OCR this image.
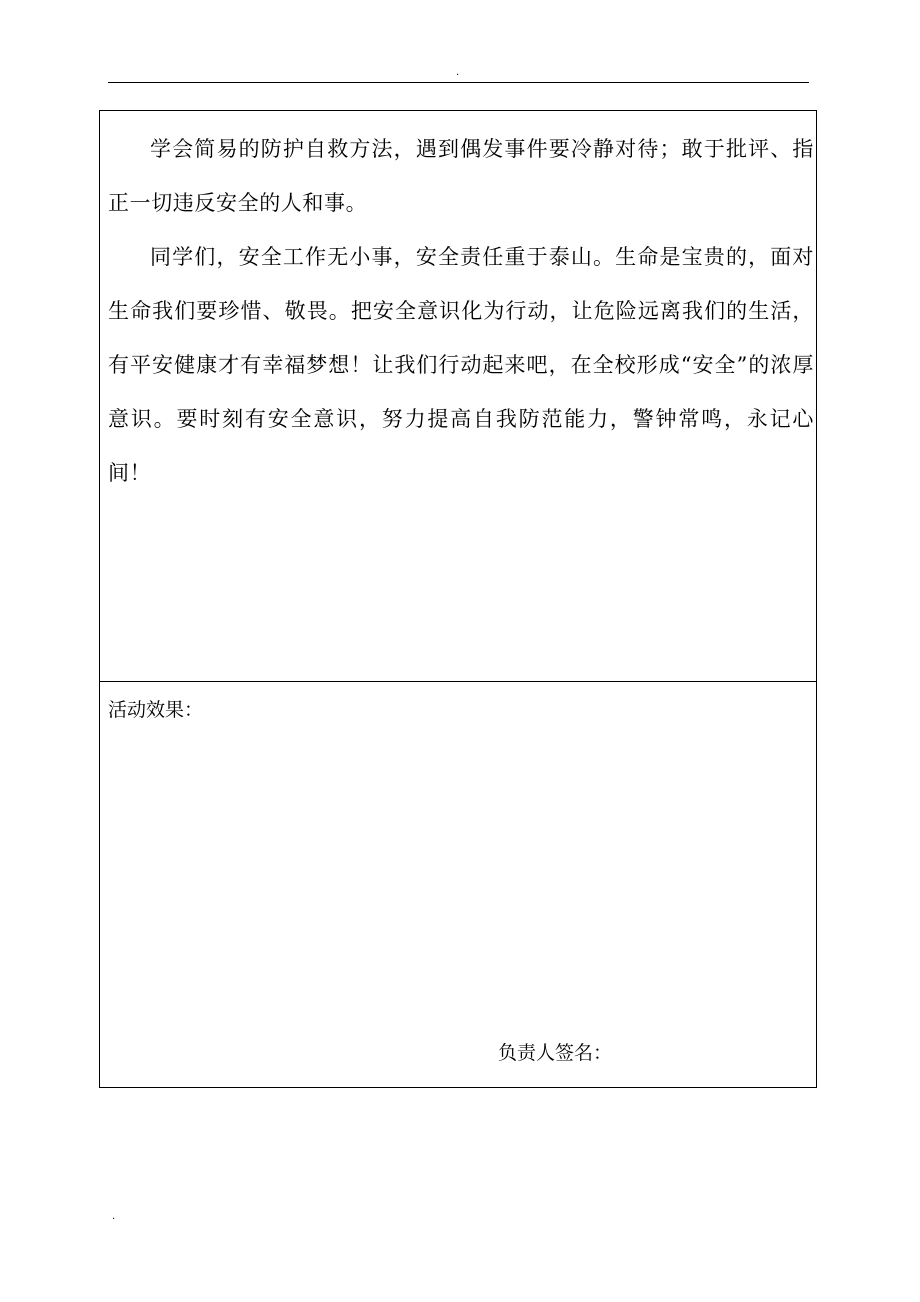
.

学会简易的防护自救方法，遇到偶发事件要冷静对待；敢于批评、指正一切违反安全的人和事。

同学们，安全工作无小事，安全责任重于泰山。生命是宝贵的，面对生命我们要珍惜、敬畏。把安全意识化为行动，让危险远离我们的生活，有平安健康才有幸福梦想！让我们行动起来吧，在全校形成“安全”的浓厚意识。要时刻有安全意识，努力提高自我防范能力，警钟常鸣，永记心间！

活动效果：

负责人签名：

.
